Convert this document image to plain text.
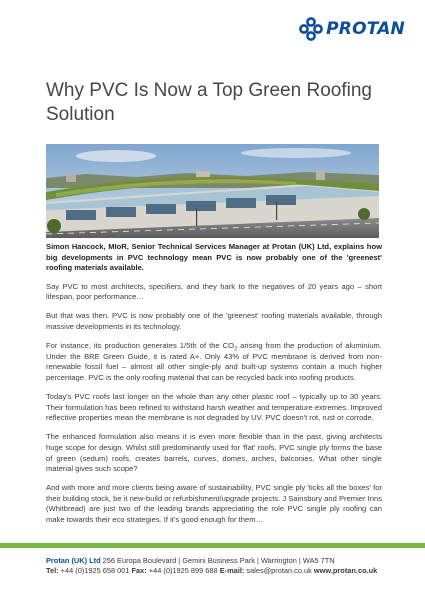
PROTAN
Why PVC Is Now a Top Green Roofing Solution

Simon Hancock, MIoR, Senior Technical Services Manager at Protan (UK) Ltd, explains how big developments in PVC technology mean PVC is now probably one of the 'greenest' roofing materials available.

Say PVC to most architects, specifiers, and they hark to the negatives of 20 years ago – short lifespan, poor performance…

But that was then. PVC is now probably one of the 'greenest' roofing materials available, through massive developments in its technology.

For instance, its production generates 1/5th of the $CO_2$ arising from the production of aluminium. Under the BRE Green Guide, it is rated A+. Only 43% of PVC membrane is derived from non-renewable fossil fuel – almost all other single-ply and built-up systems contain a much higher percentage. PVC is the only roofing material that can be recycled back into roofing products.

Today's PVC roofs last longer on the whole than any other plastic roof – typically up to 30 years. Their formulation has been refined to withstand harsh weather and temperature extremes. Improved reflective properties mean the membrane is not degraded by UV. PVC doesn't rot, rust or corrode.

The enhanced formulation also means it is even more flexible than in the past, giving architects huge scope for design. Whilst still predominantly used for 'flat' roofs, PVC single ply forms the base of green (sedum) roofs, creates barrels, curves, domes, arches, balconies. What other single material gives such scope?

And with more and more clients being aware of sustainability, PVC single ply 'ticks all the boxes' for their building stock, be it new-build or refurbishment/upgrade projects. J Sainsbury and Premier Inns (Whitbread) are just two of the leading brands appreciating the role PVC single ply roofing can make towards their eco strategies. If it's good enough for them…

Protan (UK) Ltd 256 Europa Boulevard | Gemini Business Park | Warrington | WA5 7TN
Tel: +44 (0)1925 658 001 Fax: +44 (0)1925 899 688 E-mail: sales@protan.co.uk www.protan.co.uk
